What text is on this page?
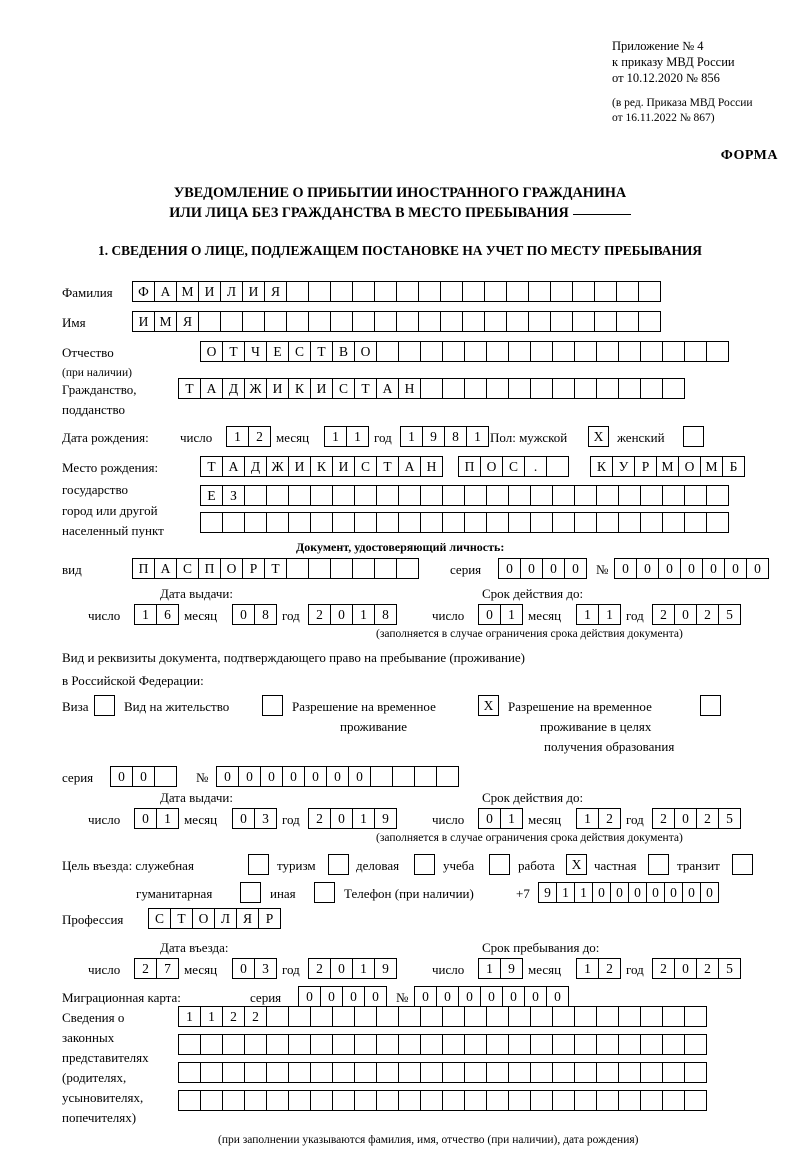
Приложение № 4
к приказу МВД России
от 10.12.2020 № 856
(в ред. Приказа МВД России
от 16.11.2022 № 867)
ФОРМА
УВЕДОМЛЕНИЕ О ПРИБЫТИИ ИНОСТРАННОГО ГРАЖДАНИНА
ИЛИ ЛИЦА БЕЗ ГРАЖДАНСТВА В МЕСТО ПРЕБЫВАНИЯ
1. СВЕДЕНИЯ О ЛИЦЕ, ПОДЛЕЖАЩЕМ ПОСТАНОВКЕ НА УЧЕТ ПО МЕСТУ ПРЕБЫВАНИЯ
Фамилия	Ф А М И Л И Я
Имя	И М Я
Отчество
(при наличии)
О Т Ч Е С Т В О
Гражданство,
подданство
Т А Д Ж И К И С Т А Н
Дата рождения: число	1	2	месяц	1	1	год	1	9	8	1 Пол: мужской	X	женский
Место рождения:
государство
город или другой
населенный пункт
Т А Д Ж И К И С Т А Н	П О С	.	К У Р М О М Б
Е	З
Документ, удостоверяющий личность:
вид	П А С П О Р	Т	серия	0	0	0	0	№	0	0	0	0	0	0	0
Дата выдачи:	Срок действия до:
число	1	6	месяц	0	8	год	2	0	1	8	число	0	1	месяц	1	1	год	2	0	2	5
(заполняется в случае ограничения срока действия документа)
Вид и реквизиты документа, подтверждающего право на пребывание (проживание)
в Российской Федерации:
Виза	Вид на жительство	Разрешение на временное
проживание
X	Разрешение на временное
проживание в целях
получения образования
серия	0	0	№	0	0	0	0	0	0	0
Дата выдачи:	Срок действия до:
число	0	1	месяц	0	3	год	2	0	1	9	число	0	1	месяц	1	2	год	2	0	2	5
(заполняется в случае ограничения срока действия документа)
Цель въезда: служебная	туризм	деловая	учеба	работа	X частная	транзит
гуманитарная	иная	Телефон (при наличии)	+7	9 1 1 0 0 0 0 0 0 0
Профессия	С Т О Л Я	Р
Дата въезда:	Срок пребывания до:
число	2	7	месяц	0	3	год	2	0	1	9	число	1	9	месяц	1	2	год	2	0	2	5
Миграционная карта:	серия	0	0	0	0	№	0	0	0	0	0	0	0
Сведения о
законных
представителях
(родителях,
усыновителях,
попечителях)
1	1	2	2
(при заполнении указываются фамилия, имя, отчество (при наличии), дата рождения)
